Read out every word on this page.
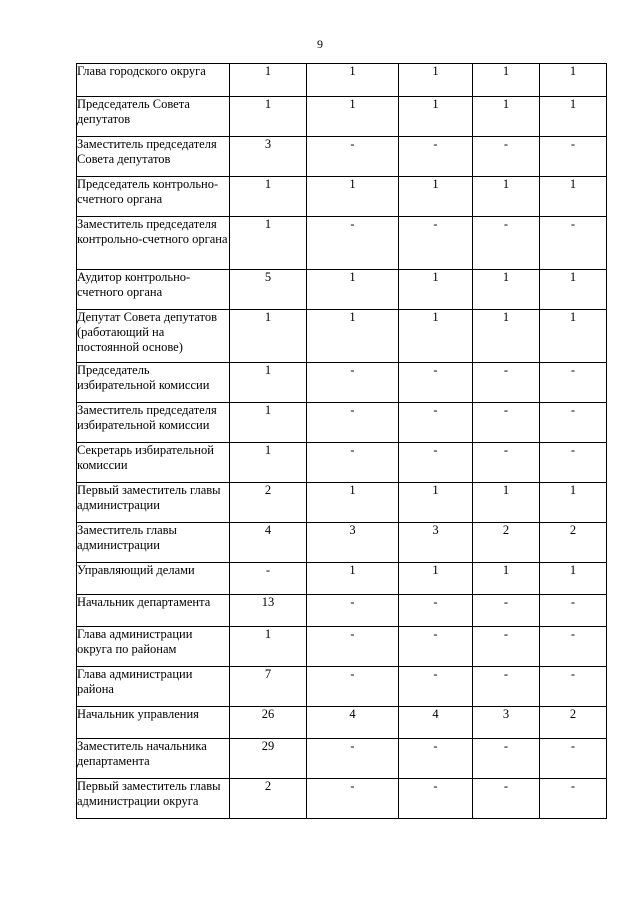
9
Глава городского округа	1	1	1	1	1
Председатель Совета депутатов	1	1	1	1	1
Заместитель председателя Совета депутатов	3	-	-	-	-
Председатель контрольно-счетного органа	1	1	1	1	1
Заместитель председателя контрольно-счетного органа	1	-	-	-	-
Аудитор контрольно-счетного органа	5	1	1	1	1
Депутат Совета депутатов (работающий на постоянной основе)	1	1	1	1	1
Председатель избирательной комиссии	1	-	-	-	-
Заместитель председателя избирательной комиссии	1	-	-	-	-
Секретарь избирательной комиссии	1	-	-	-	-
Первый заместитель главы администрации	2	1	1	1	1
Заместитель главы администрации	4	3	3	2	2
Управляющий делами	-	1	1	1	1
Начальник департамента	13	-	-	-	-
Глава администрации округа по районам	1	-	-	-	-
Глава администрации района	7	-	-	-	-
Начальник управления	26	4	4	3	2
Заместитель начальника департамента	29	-	-	-	-
Первый заместитель главы администрации округа	2	-	-	-	-
